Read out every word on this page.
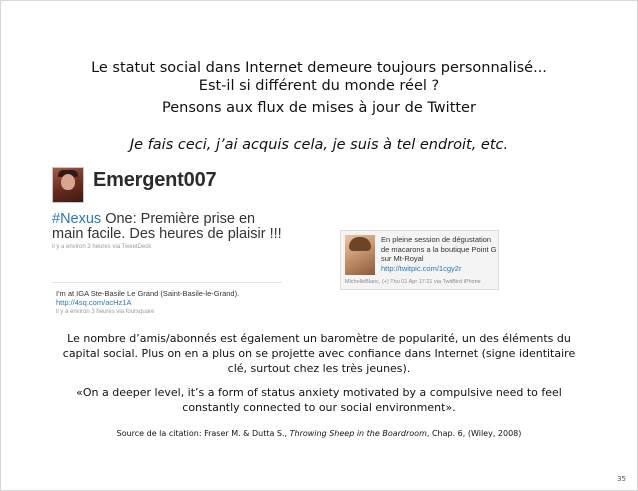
Le statut social dans Internet demeure toujours personnalisé...
Est-il si différent du monde réel ?
Pensons aux flux de mises à jour de Twitter
Je fais ceci, j’ai acquis cela, je suis à tel endroit, etc.
Emergent007
#Nexus One: Première prise en main facile. Des heures de plaisir !!!
il y a environ 3 heures via TweetDeck
I'm at IGA Ste-Basile Le Grand (Saint-Basile-le-Grand).
http://4sq.com/acHz1A
il y a environ 3 heures via foursquare
En pleine session de dégustation de macarons a la boutique Point G sur Mt-Royal http://twitpic.com/1cgy2r
MichelleBlanc, (+) Thu 01 Apr 17:21 via TwitBird iPhone
Le nombre d’amis/abonnés est également un baromètre de popularité, un des éléments du capital social. Plus on en a plus on se projette avec confiance dans Internet (signe identitaire clé, surtout chez les très jeunes).
«On a deeper level, it’s a form of status anxiety motivated by a compulsive need to feel constantly connected to our social environment».
Source de la citation: Fraser M. & Dutta S., Throwing Sheep in the Boardroom, Chap. 6, (Wiley, 2008)
35
